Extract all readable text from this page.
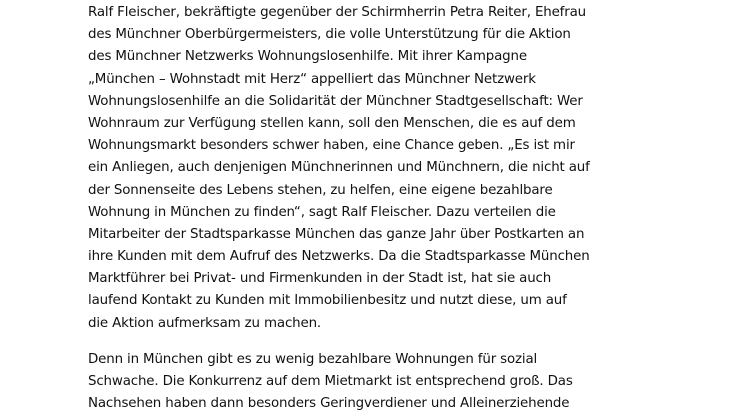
Ralf Fleischer, bekräftigte gegenüber der Schirmherrin Petra Reiter, Ehefrau
des Münchner Oberbürgermeisters, die volle Unterstützung für die Aktion
des Münchner Netzwerks Wohnungslosenhilfe. Mit ihrer Kampagne
„München – Wohnstadt mit Herz“ appelliert das Münchner Netzwerk
Wohnungslosenhilfe an die Solidarität der Münchner Stadtgesellschaft: Wer
Wohnraum zur Verfügung stellen kann, soll den Menschen, die es auf dem
Wohnungsmarkt besonders schwer haben, eine Chance geben. „Es ist mir
ein Anliegen, auch denjenigen Münchnerinnen und Münchnern, die nicht auf
der Sonnenseite des Lebens stehen, zu helfen, eine eigene bezahlbare
Wohnung in München zu finden“, sagt Ralf Fleischer. Dazu verteilen die
Mitarbeiter der Stadtsparkasse München das ganze Jahr über Postkarten an
ihre Kunden mit dem Aufruf des Netzwerks. Da die Stadtsparkasse München
Marktführer bei Privat- und Firmenkunden in der Stadt ist, hat sie auch
laufend Kontakt zu Kunden mit Immobilienbesitz und nutzt diese, um auf
die Aktion aufmerksam zu machen.
Denn in München gibt es zu wenig bezahlbare Wohnungen für sozial
Schwache. Die Konkurrenz auf dem Mietmarkt ist entsprechend groß. Das
Nachsehen haben dann besonders Geringverdiener und Alleinerziehende
